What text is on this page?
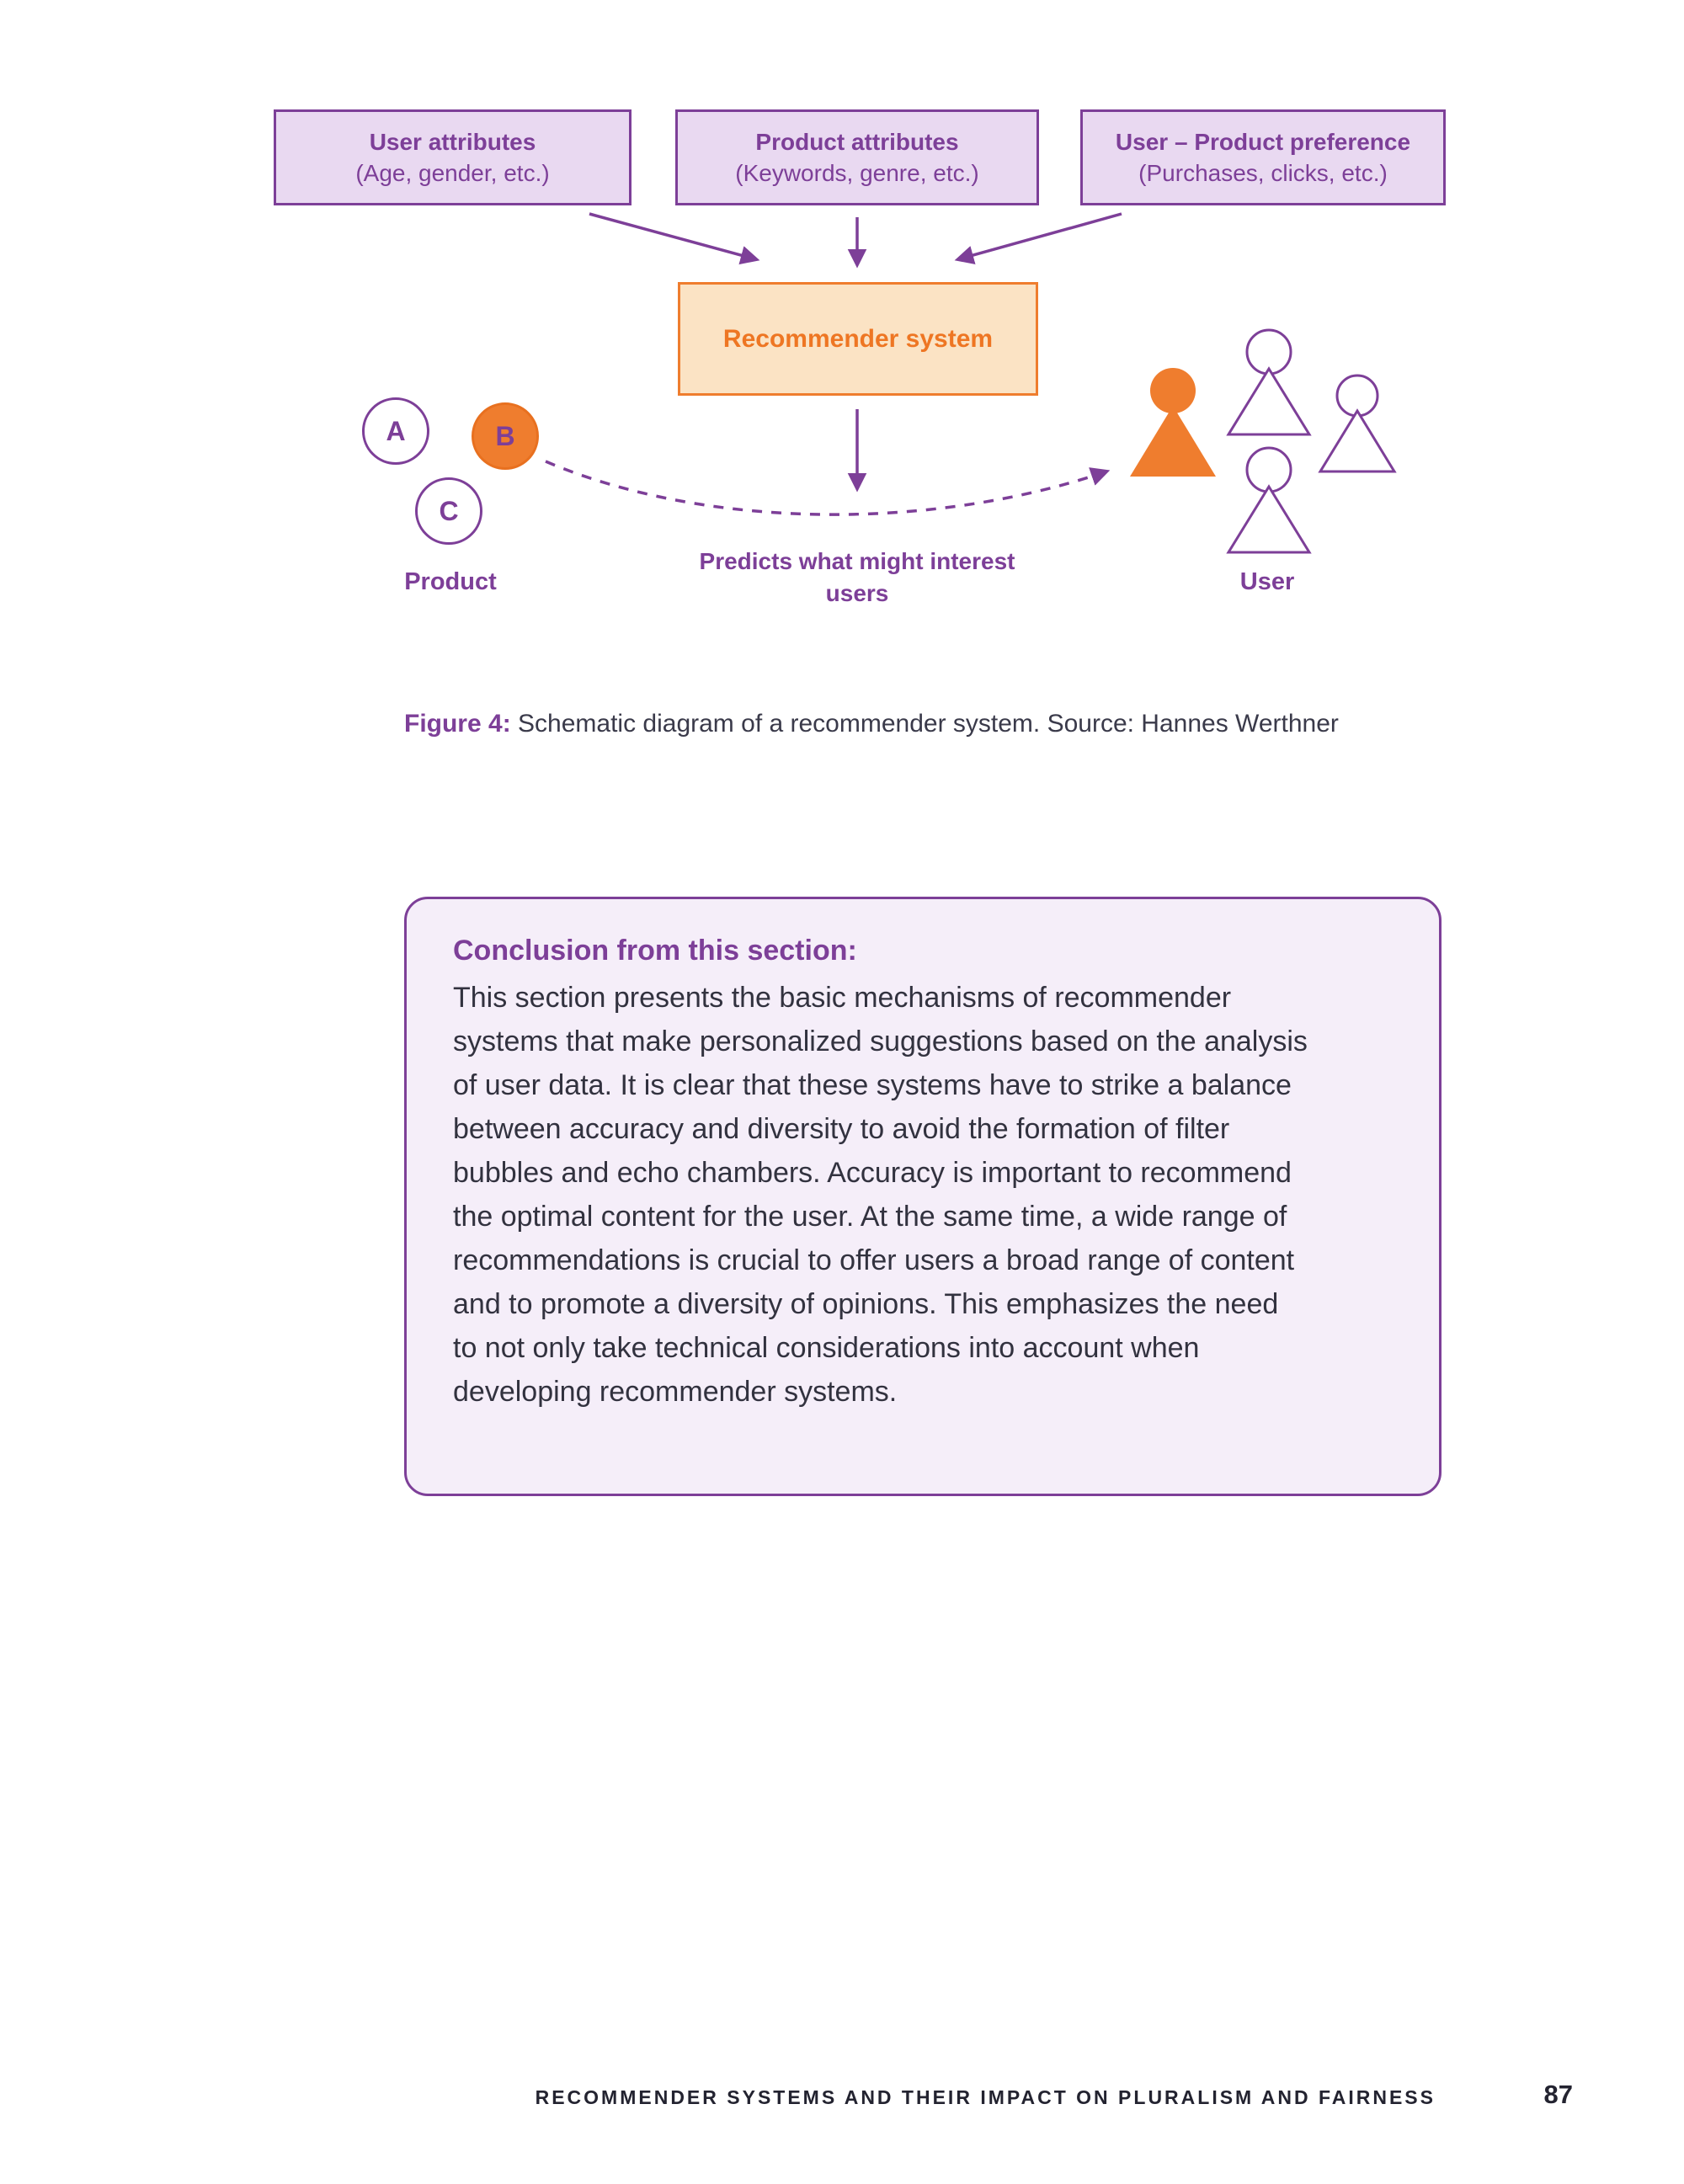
User attributes
(Age, gender, etc.)
Product attributes
(Keywords, genre, etc.)
User – Product preference
(Purchases, clicks, etc.)
Recommender system
A	B
C
Product
Predicts what might interest users	User
Figure 4: Schematic diagram of a recommender system. Source: Hannes Werthner
Conclusion from this section:

This section presents the basic mechanisms of recommender systems that make personalized suggestions based on the analysis of user data. It is clear that these systems have to strike a balance between accuracy and diversity to avoid the formation of filter bubbles and echo chambers. Accuracy is important to recommend the optimal content for the user. At the same time, a wide range of recommendations is crucial to offer users a broad range of content and to promote a diversity of opinions. This emphasizes the need to not only take technical considerations into account when developing recommender systems.

RECOMMENDER SYSTEMS AND THEIR IMPACT ON PLURALISM AND FAIRNESS	87
